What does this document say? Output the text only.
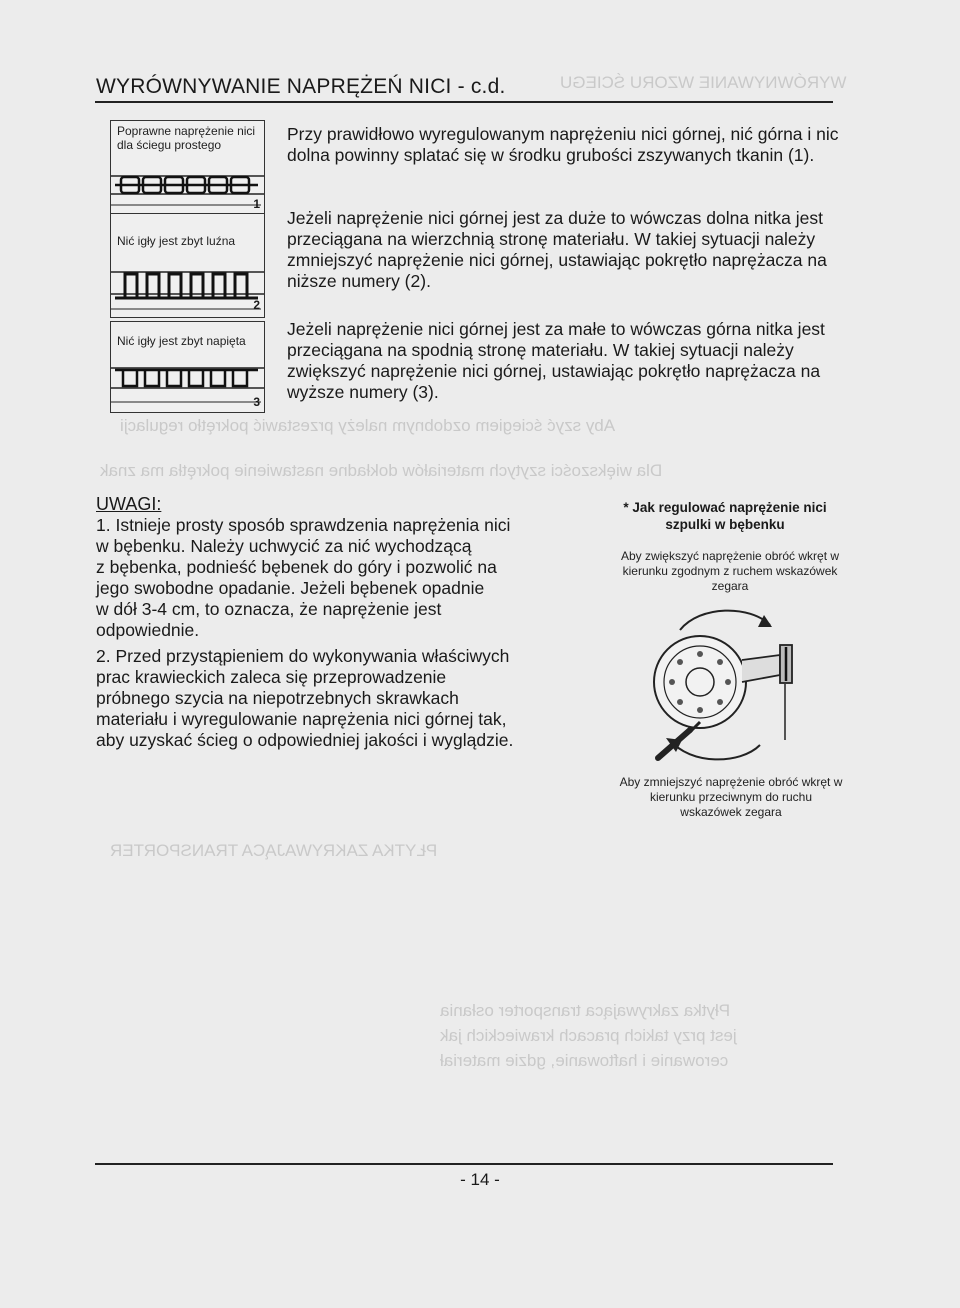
WYRÓWNYWANIE WZORU ŚCIEGU
Aby szyć ściegiem ozdobnym należy przestawić pokrętło regulacji
Dla większości szytych materiałów dokładne nastawienie pokrętła ma znak
PŁYTKA ZAKRYWAJĄCA TRANSPORTER
Płytka zakrywająca transporter osłania
jest przy takich pracach krawieckich jak
cerowanie i haftowanie, gdzie materiał
WYRÓWNYWANIE NAPRĘŻEŃ NICI - c.d.
Poprawne naprężenie nici dla ściegu prostego
1
Nić igły jest zbyt luźna
2
Nić igły jest zbyt napięta
3
Przy prawidłowo wyregulowanym naprężeniu nici górnej, nić górna i nic dolna powinny splatać się w środku grubości zszywanych tkanin (1).
Jeżeli naprężenie nici górnej jest za duże to wówczas dolna nitka jest przeciągana na wierzchnią stronę materiału. W takiej sytuacji należy zmniejszyć naprężenie nici górnej, ustawiając pokrętło naprężacza na niższe numery (2).
Jeżeli naprężenie nici górnej jest za małe to wówczas górna nitka jest przeciągana na spodnią stronę materiału. W takiej sytuacji należy zwiększyć naprężenie nici górnej, ustawiając pokrętło naprężacza na wyższe numery (3).
UWAGI:
1. Istnieje prosty sposób sprawdzenia naprężenia nici
w bębenku. Należy uchwycić za nić wychodzącą
z bębenka, podnieść bębenek do góry i pozwolić na
jego swobodne opadanie. Jeżeli bębenek opadnie
w dół 3-4 cm, to oznacza, że naprężenie jest
odpowiednie.
2. Przed przystąpieniem do wykonywania właściwych
prac krawieckich zaleca się przeprowadzenie
próbnego szycia na niepotrzebnych skrawkach
materiału i wyregulowanie naprężenia nici górnej tak,
aby uzyskać ścieg o odpowiedniej jakości i wyglądzie.
* Jak regulować naprężenie nici szpulki w bębenku
Aby zwiększyć naprężenie obróć wkręt w kierunku zgodnym z ruchem wskazówek zegara
Aby zmniejszyć naprężenie obróć wkręt w kierunku przeciwnym do ruchu wskazówek zegara
- 14 -
